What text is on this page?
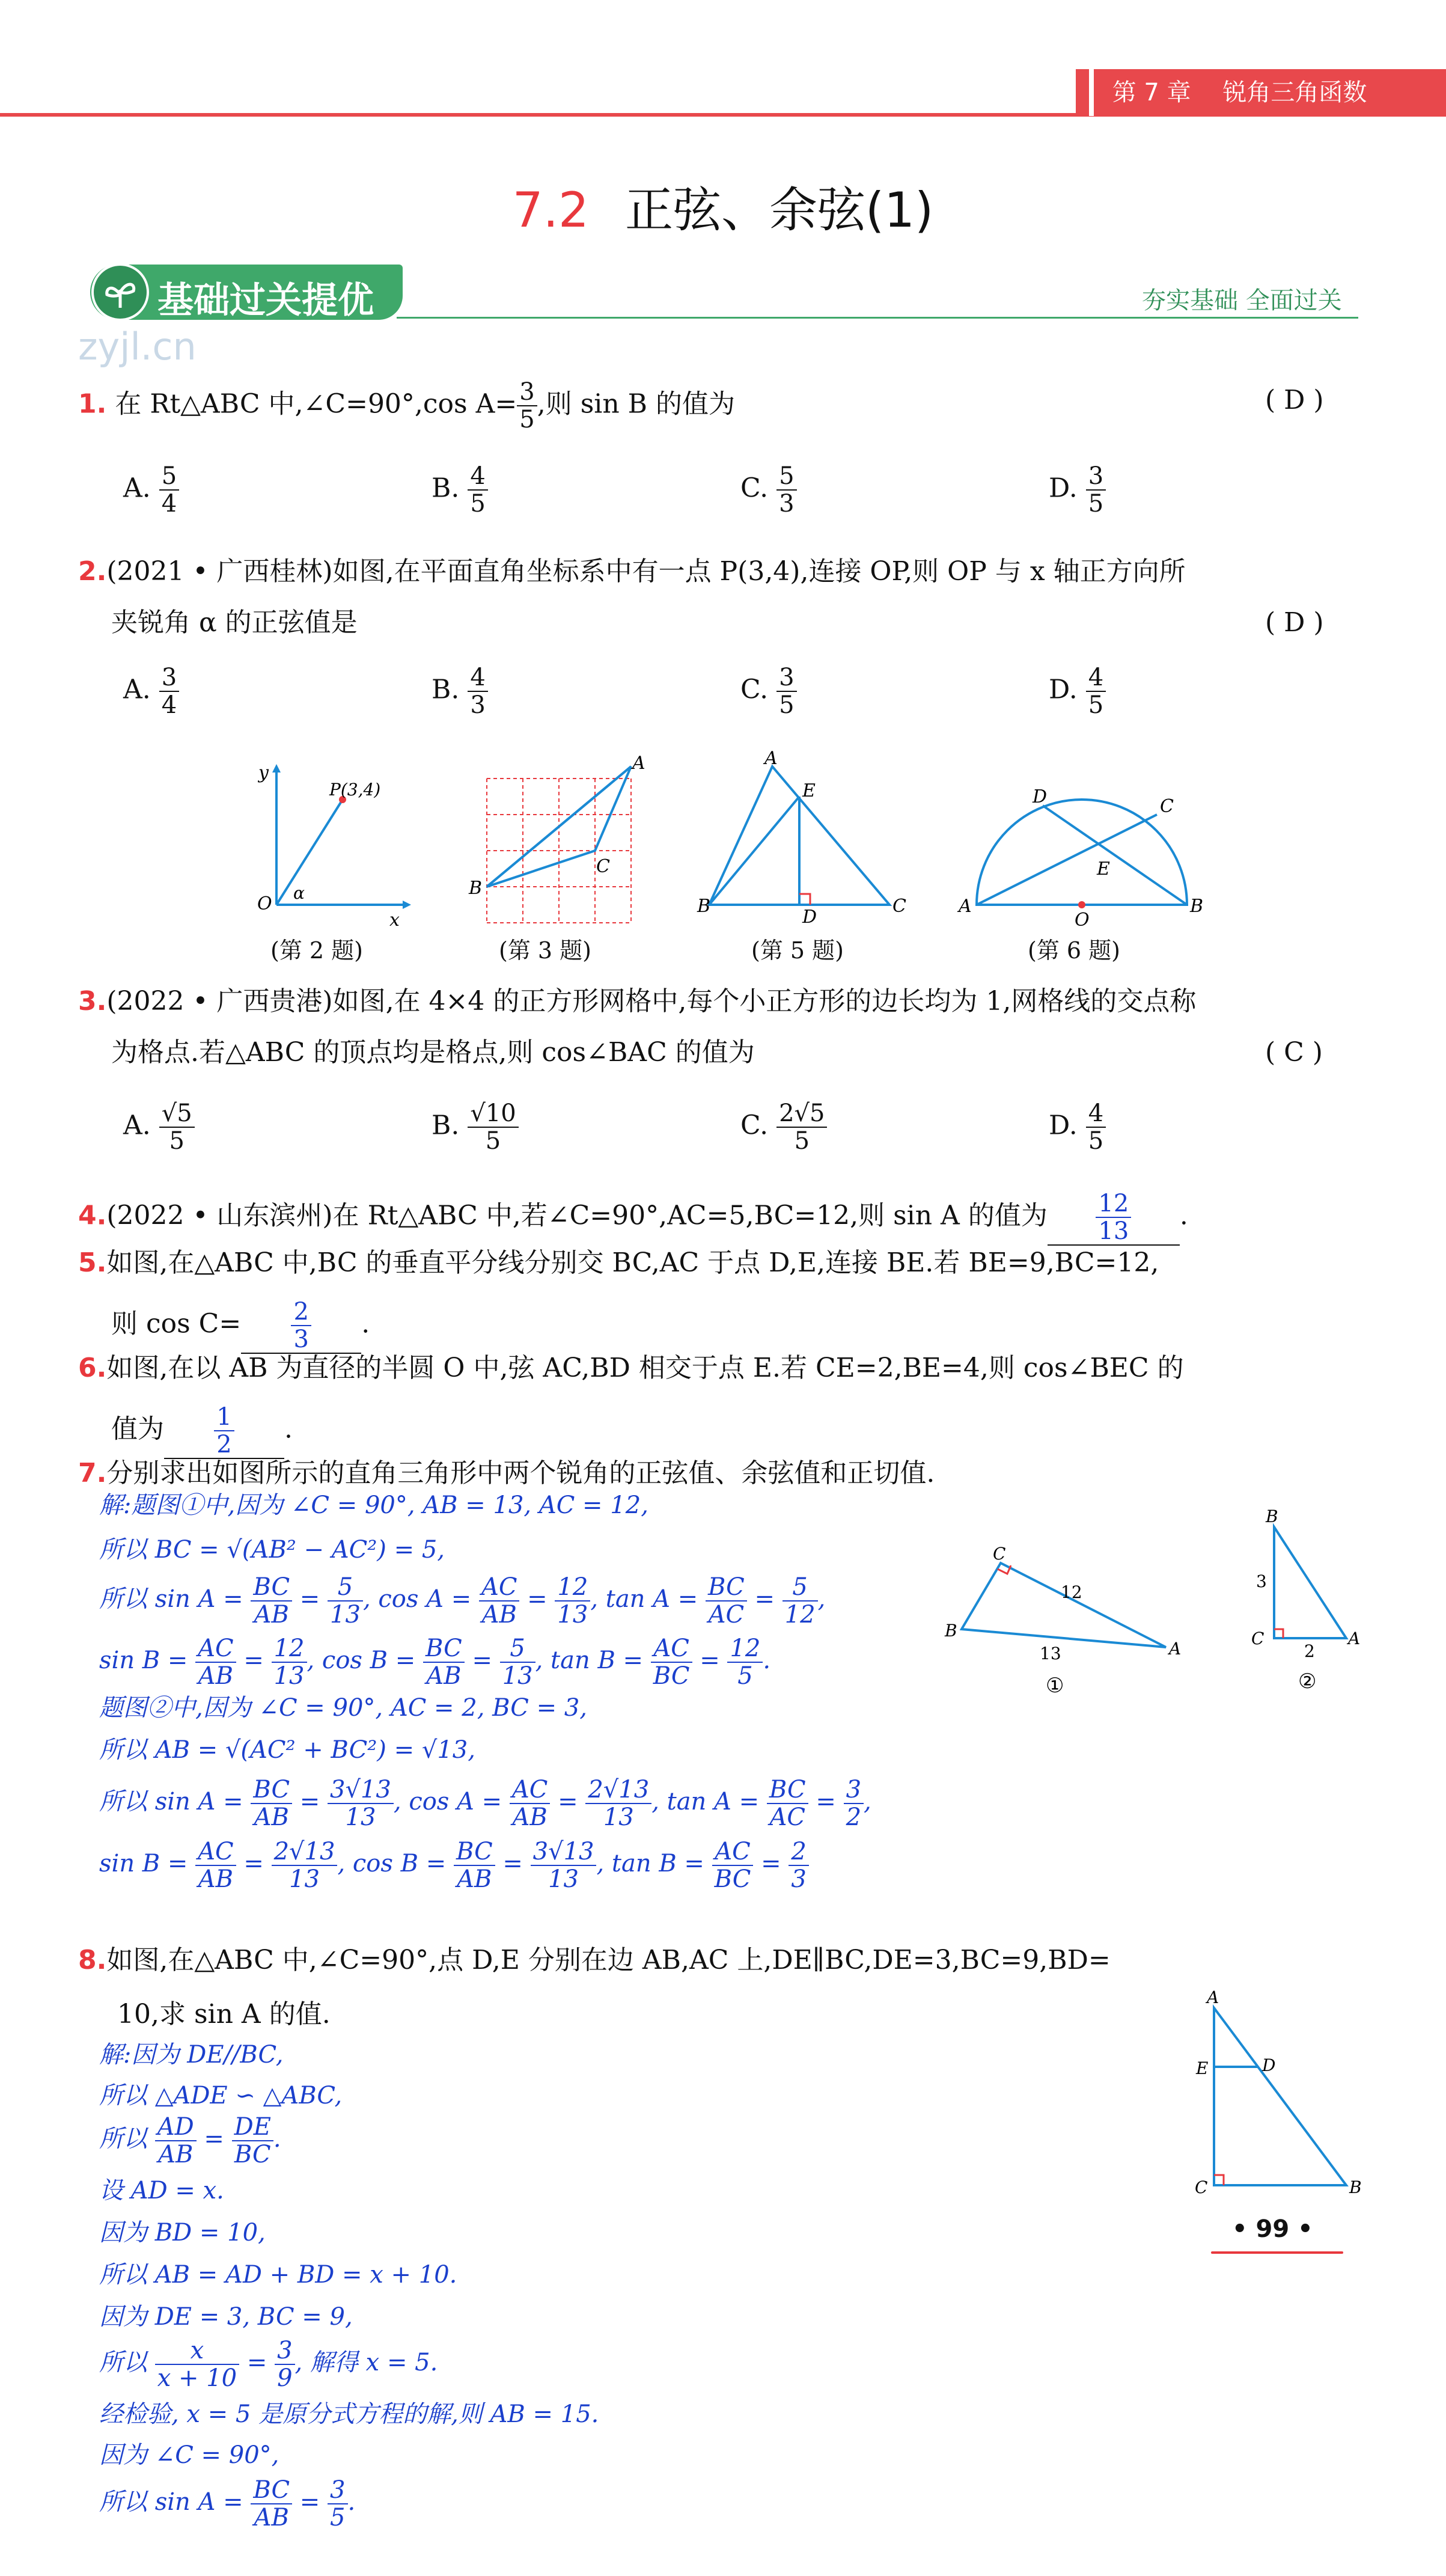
第 7 章 锐角三角函数
7.2 正弦、余弦(1)
基础过关提优	夯实基础 全面过关
zyjl.cn
1. 在 Rt△ABC 中,∠C=90°,cos $A= \frac{3}{5}$ ,则 sin B 的值为	( D )
A. $\frac{5}{4}$	B. $\frac{4}{5}$	C. $\frac{5}{3}$	D. $\frac{3}{5}$
2.(2021 • 广西桂林)如图,在平面直角坐标系中有一点 P(3,4),连接 OP,则 OP 与 x 轴正方向所
夹锐角 α 的正弦值是	( D )
A. $\frac{3}{4}$	B. $\frac{4}{3}$	C. $\frac{3}{5}$	D. $\frac{4}{5}$
y
x
O
P(3,4)
α
(第 2 题)
A
B
C
(第 3 题)
A
B	C
D
E
(第 5 题)
A	B
C
D
E
O
(第 6 题)
3.(2022 • 广西贵港)如图,在 4×4 的正方形网格中,每个小正方形的边长均为 1,网格线的交点称
为格点.若△ABC 的顶点均是格点,则 cos∠BAC 的值为	( C )
A. $\frac{√5}{5}$	B. $\frac{√10}{5}$	C. $\frac{2√5}{5}$	D. $\frac{4}{5}$
4.(2022 • 山东滨州)在 Rt△ABC 中,若∠C=90°,AC=5,BC=12,则 sin A 的值为 $\frac{12}{13}$ .
5.如图,在△ABC 中,BC 的垂直平分线分别交 BC,AC 于点 D,E,连接 BE.若 BE=9,BC=12,
则 $\cos C= \frac{2}{3}$ .
6.如图,在以 AB 为直径的半圆 O 中,弦 AC,BD 相交于点 E.若 CE=2,BE=4,则 cos∠BEC 的
值为 $\frac{1}{2}$ .
7.分别求出如图所示的直角三角形中两个锐角的正弦值、余弦值和正切值.
解:题图①中,因为 ∠C = 90°, AB = 13, AC = 12,
所以 BC = √(AB² − AC²) = 5,
所以 $\sin A = \frac{BC}{AB} = \frac{5}{13}$ , $\cos A = \frac{AC}{AB} = \frac{12}{13}$ , $\tan A = \frac{BC}{AC} = \frac{5}{12}$ ,
$\sin B = \frac{AC}{AB} = \frac{12}{13}$ , $\cos B = \frac{BC}{AB} = \frac{5}{13}$ , $\tan B = \frac{AC}{BC} = \frac{12}{5}$ .
题图②中,因为 ∠C = 90°, AC = 2, BC = 3,
所以 AB = √(AC² + BC²) = √13,
所以 $\sin A = \frac{BC}{AB} = \frac{3√13}{13}$ , $\cos A = \frac{AC}{AB} = \frac{2√13}{13}$ , $\tan A = \frac{BC}{AC} = \frac{3}{2}$ ,
$\sin B = \frac{AC}{AB} = \frac{2√13}{13}$ , $\cos B = \frac{BC}{AB} = \frac{3√13}{13}$ , $\tan B = \frac{AC}{BC} = \frac{2}{3}$
C
B
A
12
13
①
B
C	A
3
2
②
8.如图,在△ABC 中,∠C=90°,点 D,E 分别在边 AB,AC 上,DE∥BC,DE=3,BC=9,BD=
10,求 sin A 的值.
解:因为 DE//BC,
所以 △ADE ∽ △ABC,
所以 $\frac{AD}{AB} = \frac{DE}{BC}$ .
设 AD = x.
因为 BD = 10,
所以 AB = AD + BD = x + 10.
因为 DE = 3, BC = 9,
所以 $\frac{x}{x + 10} = \frac{3}{9}$ , 解得 x = 5.
经检验, x = 5 是原分式方程的解,则 AB = 15.
因为 ∠C = 90°,
所以 $\sin A = \frac{BC}{AB} = \frac{3}{5}$ .
A
E	D
C	B
• 99 •
